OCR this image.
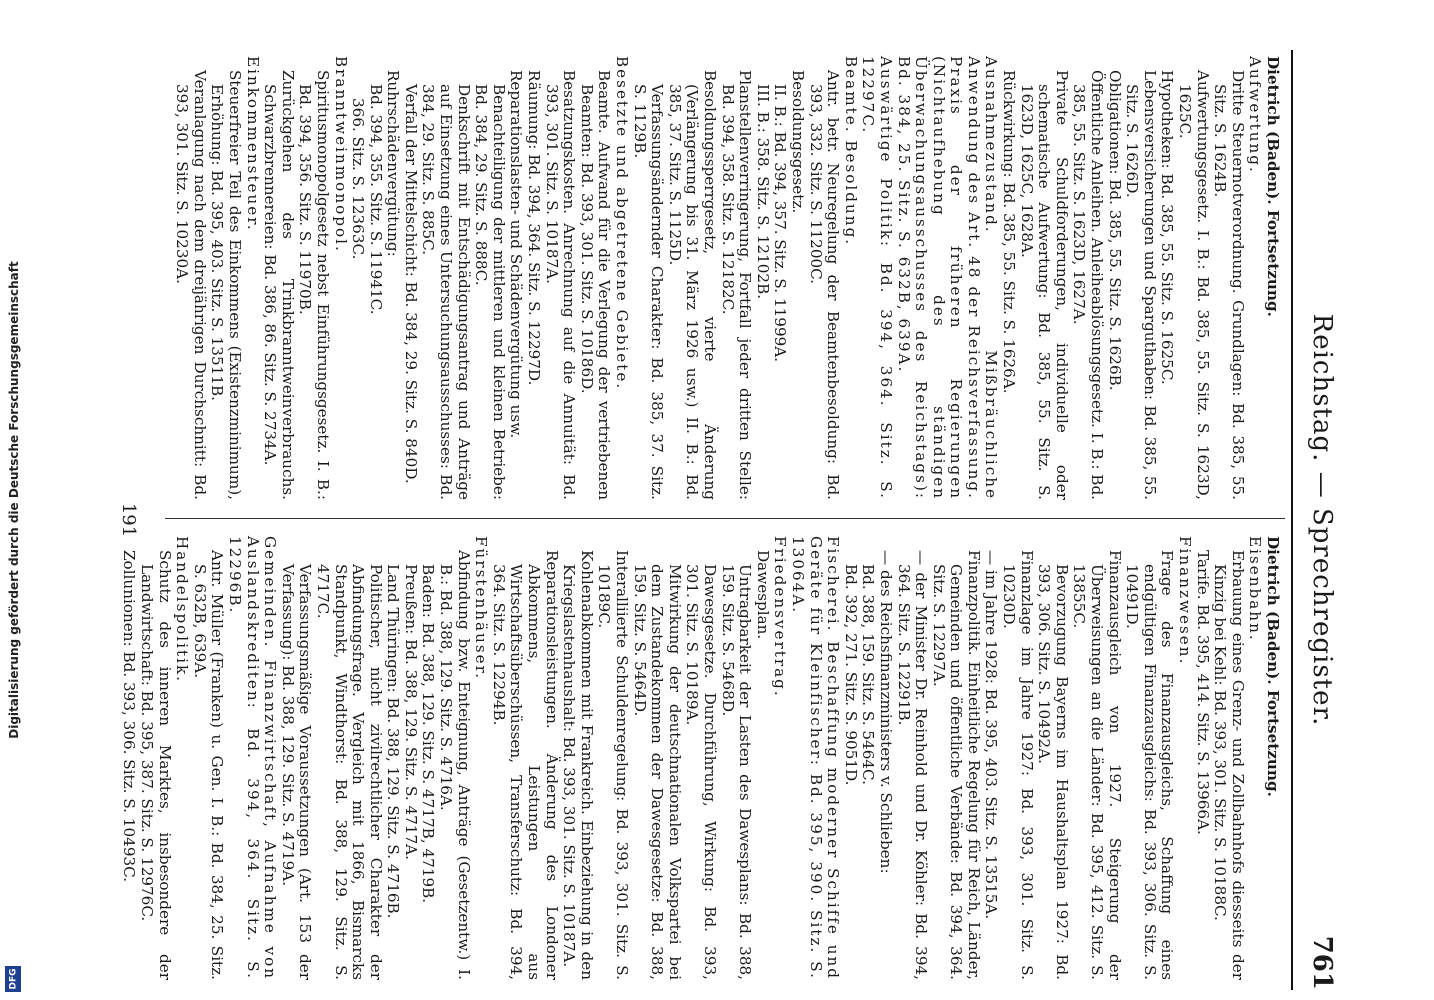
Digitalisierung gefördert durch die Deutsche Forschungsgemeinschaft
DFG
Reichstag. — Sprechregister.
761

Dietrich (Baden). Fortsetzung.

Aufwertung.

Dritte Steuernotverordnung. Grundlagen: Bd. 385, 55. Sitz. S. 1624B.

Aufwertungsgesetz. I. B.: Bd. 385, 55. Sitz. S. 1623D, 1625C.

Hypotheken: Bd. 385, 55. Sitz. S. 1625C.

Lebensversicherungen und Sparguthaben: Bd. 385, 55. Sitz. S. 1626D.

Obligationen: Bd. 385, 55. Sitz. S. 1626B.

Öffentliche Anleihen. Anleiheablösungsgesetz. I. B.: Bd. 385, 55. Sitz. S. 1623D, 1627A.

Private Schuldforderungen, individuelle oder schematische Aufwertung: Bd. 385, 55. Sitz. S. 1623D, 1625C, 1628A.

Rückwirkung: Bd. 385, 55. Sitz. S. 1626A.

Ausnahmezustand. Mißbräuchliche Anwendung des Art. 48 der Reichsverfassung. Praxis der früheren Regierungen (Nichtaufhebung des ständigen Überwachungsausschusses des Reichstags): Bd. 384, 25. Sitz. S. 632B, 639A.

Auswärtige Politik: Bd. 394, 364. Sitz. S. 12297C.

Beamte. Besoldung.

Antr. betr. Neuregelung der Beamtenbesoldung: Bd. 393, 332. Sitz. S. 11200C.

Besoldungsgesetz.

II. B.: Bd. 394, 357. Sitz. S. 11999A.

III. B.: 358. Sitz. S. 12102B.

Planstellenverringerung, Fortfall jeder dritten Stelle: Bd. 394, 358. Sitz. S. 12182C.

Besoldungssperrgesetz, vierte Änderung (Verlängerung bis 31. März 1926 usw.) II. B.: Bd. 385, 37. Sitz. S. 1125D.

Verfassungsändernder Charakter: Bd. 385, 37. Sitz. S. 1129B.

Besetzte und abgetretene Gebiete.

Beamte. Aufwand für die Verlegung der vertriebenen Beamten: Bd. 393, 301. Sitz. S. 10186D.

Besatzungskosten. Anrechnung auf die Annuität: Bd. 393, 301. Sitz. S. 10187A.

Räumung: Bd. 394, 364. Sitz. S. 12297D.

Reparationslasten- und Schädenvergütung usw.

Benachteiligung der mittleren und kleinen Betriebe: Bd. 384, 29. Sitz. S. 888C.

Denkschrift mit Entschädigungsantrag und Anträge auf Einsetzung eines Untersuchungsausschusses: Bd. 384, 29. Sitz. S. 885C.

Verfall der Mittelschicht: Bd. 384, 29. Sitz. S. 840D.

Ruhrschädenvergütung:

Bd. 394, 355. Sitz. S. 11941C.

366. Sitz. S. 12363C.

Branntweinmonopol.

Spiritusmonopolgesetz nebst Einführungsgesetz. I. B.: Bd. 394, 356. Sitz. S. 11970B.

Zurückgehen des Trinkbranntweinverbrauchs. Schwarzbrennereien: Bd. 386, 86. Sitz. S. 2734A.

Einkommensteuer.

Steuerfreier Teil des Einkommens (Existenzminimum), Erhöhung: Bd. 395, 403. Sitz. S. 13511B.

Veranlagung nach dem dreijährigen Durchschnitt: Bd. 393, 301. Sitz. S. 10230A.

Dietrich (Baden). Fortsetzung.

Eisenbahn.

Erbauung eines Grenz- und Zollbahnhofs diesseits der Kinzig bei Kehl: Bd. 393, 301. Sitz. S. 10188C.

Tarife. Bd. 395, 414. Sitz. S. 13966A.

Finanzwesen.

Frage des Finanzausgleichs, Schaffung eines endgültigen Finanzausgleichs: Bd. 393, 306. Sitz. S. 10491D.

Finanzausgleich von 1927. Steigerung der Überweisungen an die Länder: Bd. 395, 412. Sitz. S. 13855C.

Bevorzugung Bayerns im Haushaltsplan 1927: Bd. 393, 306. Sitz. S. 10492A.

Finanzlage im Jahre 1927: Bd. 393, 301. Sitz. S. 10230D.

— im Jahre 1928: Bd. 395, 403. Sitz. S. 13515A.

Finanzpolitik. Einheitliche Regelung für Reich, Länder, Gemeinden und öffentliche Verbände: Bd. 394, 364. Sitz. S. 12297A.

— der Minister Dr. Reinhold und Dr. Köhler: Bd. 394, 364. Sitz. S. 12291B.

— des Reichsfinanzministers v. Schlieben:

Bd. 388, 159. Sitz. S. 5464C.

Bd. 392, 271. Sitz. S. 9051D.

Fischerei. Beschaffung moderner Schiffe und Geräte für Kleinfischer: Bd. 395, 390. Sitz. S. 13064A.

Friedensvertrag.

Dawesplan.

Untragbarkeit der Lasten des Dawesplans: Bd. 388, 159. Sitz. S. 5468D.

Dawesgesetze. Durchführung, Wirkung: Bd. 393, 301. Sitz. S. 10189A.

Mitwirkung der deutschnationalen Volkspartei bei dem Zustandekommen der Dawesgesetze: Bd. 388, 159. Sitz. S. 5464D.

Interalliierte Schuldenregelung: Bd. 393, 301. Sitz. S. 10189C.

Kohlenabkommen mit Frankreich. Einbeziehung in den Kriegslastenhaushalt: Bd. 393, 301. Sitz. S. 10187A.

Reparationsleistungen. Änderung des Londoner Abkommens, Leistungen aus Wirtschaftsüberschüssen, Transferschutz: Bd. 394, 364. Sitz. S. 12294B.

Fürstenhäuser.

Abfindung bzw. Enteignung, Anträge (Gesetzentw.) I. B.: Bd. 388, 129. Sitz. S. 4716A.

Baden: Bd. 388, 129. Sitz. S. 4717B, 4719B.

Preußen: Bd. 388, 129. Sitz. S. 4717A.

Land Thüringen: Bd. 388, 129. Sitz. S. 4716B.

Politischer, nicht zivilrechtlicher Charakter der Abfindungsfrage. Vergleich mit 1866, Bismarcks Standpunkt, Windthorst: Bd. 388, 129. Sitz. S. 4717C.

Verfassungsmäßige Voraussetzungen (Art. 153 der Verfassung): Bd. 388, 129. Sitz. S. 4719A.

Gemeinden. Finanzwirtschaft, Aufnahme von Auslandskrediten: Bd. 394, 364. Sitz. S. 12296B.

Antr. Müller (Franken) u. Gen. I. B.: Bd. 384, 25. Sitz. S. 632B, 639A.

Handelspolitik.

Schutz des inneren Marktes, insbesondere der Landwirtschaft: Bd. 395, 387. Sitz. S. 12976C.

Zollunionen: Bd. 393, 306. Sitz. S. 10493C.

191
